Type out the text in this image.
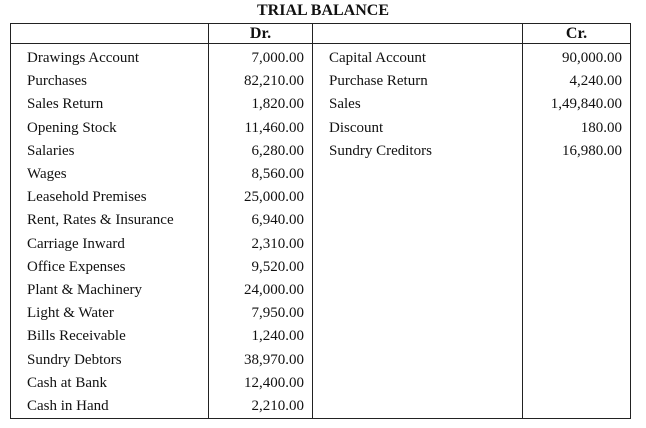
TRIAL BALANCE
	Dr.		Cr.
Drawings Account	7,000.00	Capital Account	90,000.00
Purchases	82,210.00	Purchase Return	4,240.00
Sales Return	1,820.00	Sales	1,49,840.00
Opening Stock	11,460.00	Discount	180.00
Salaries	6,280.00	Sundry Creditors	16,980.00
Wages	8,560.00		
Leasehold Premises	25,000.00		
Rent, Rates & Insurance	6,940.00		
Carriage Inward	2,310.00		
Office Expenses	9,520.00		
Plant & Machinery	24,000.00		
Light & Water	7,950.00		
Bills Receivable	1,240.00		
Sundry Debtors	38,970.00		
Cash at Bank	12,400.00		
Cash in Hand	2,210.00		
